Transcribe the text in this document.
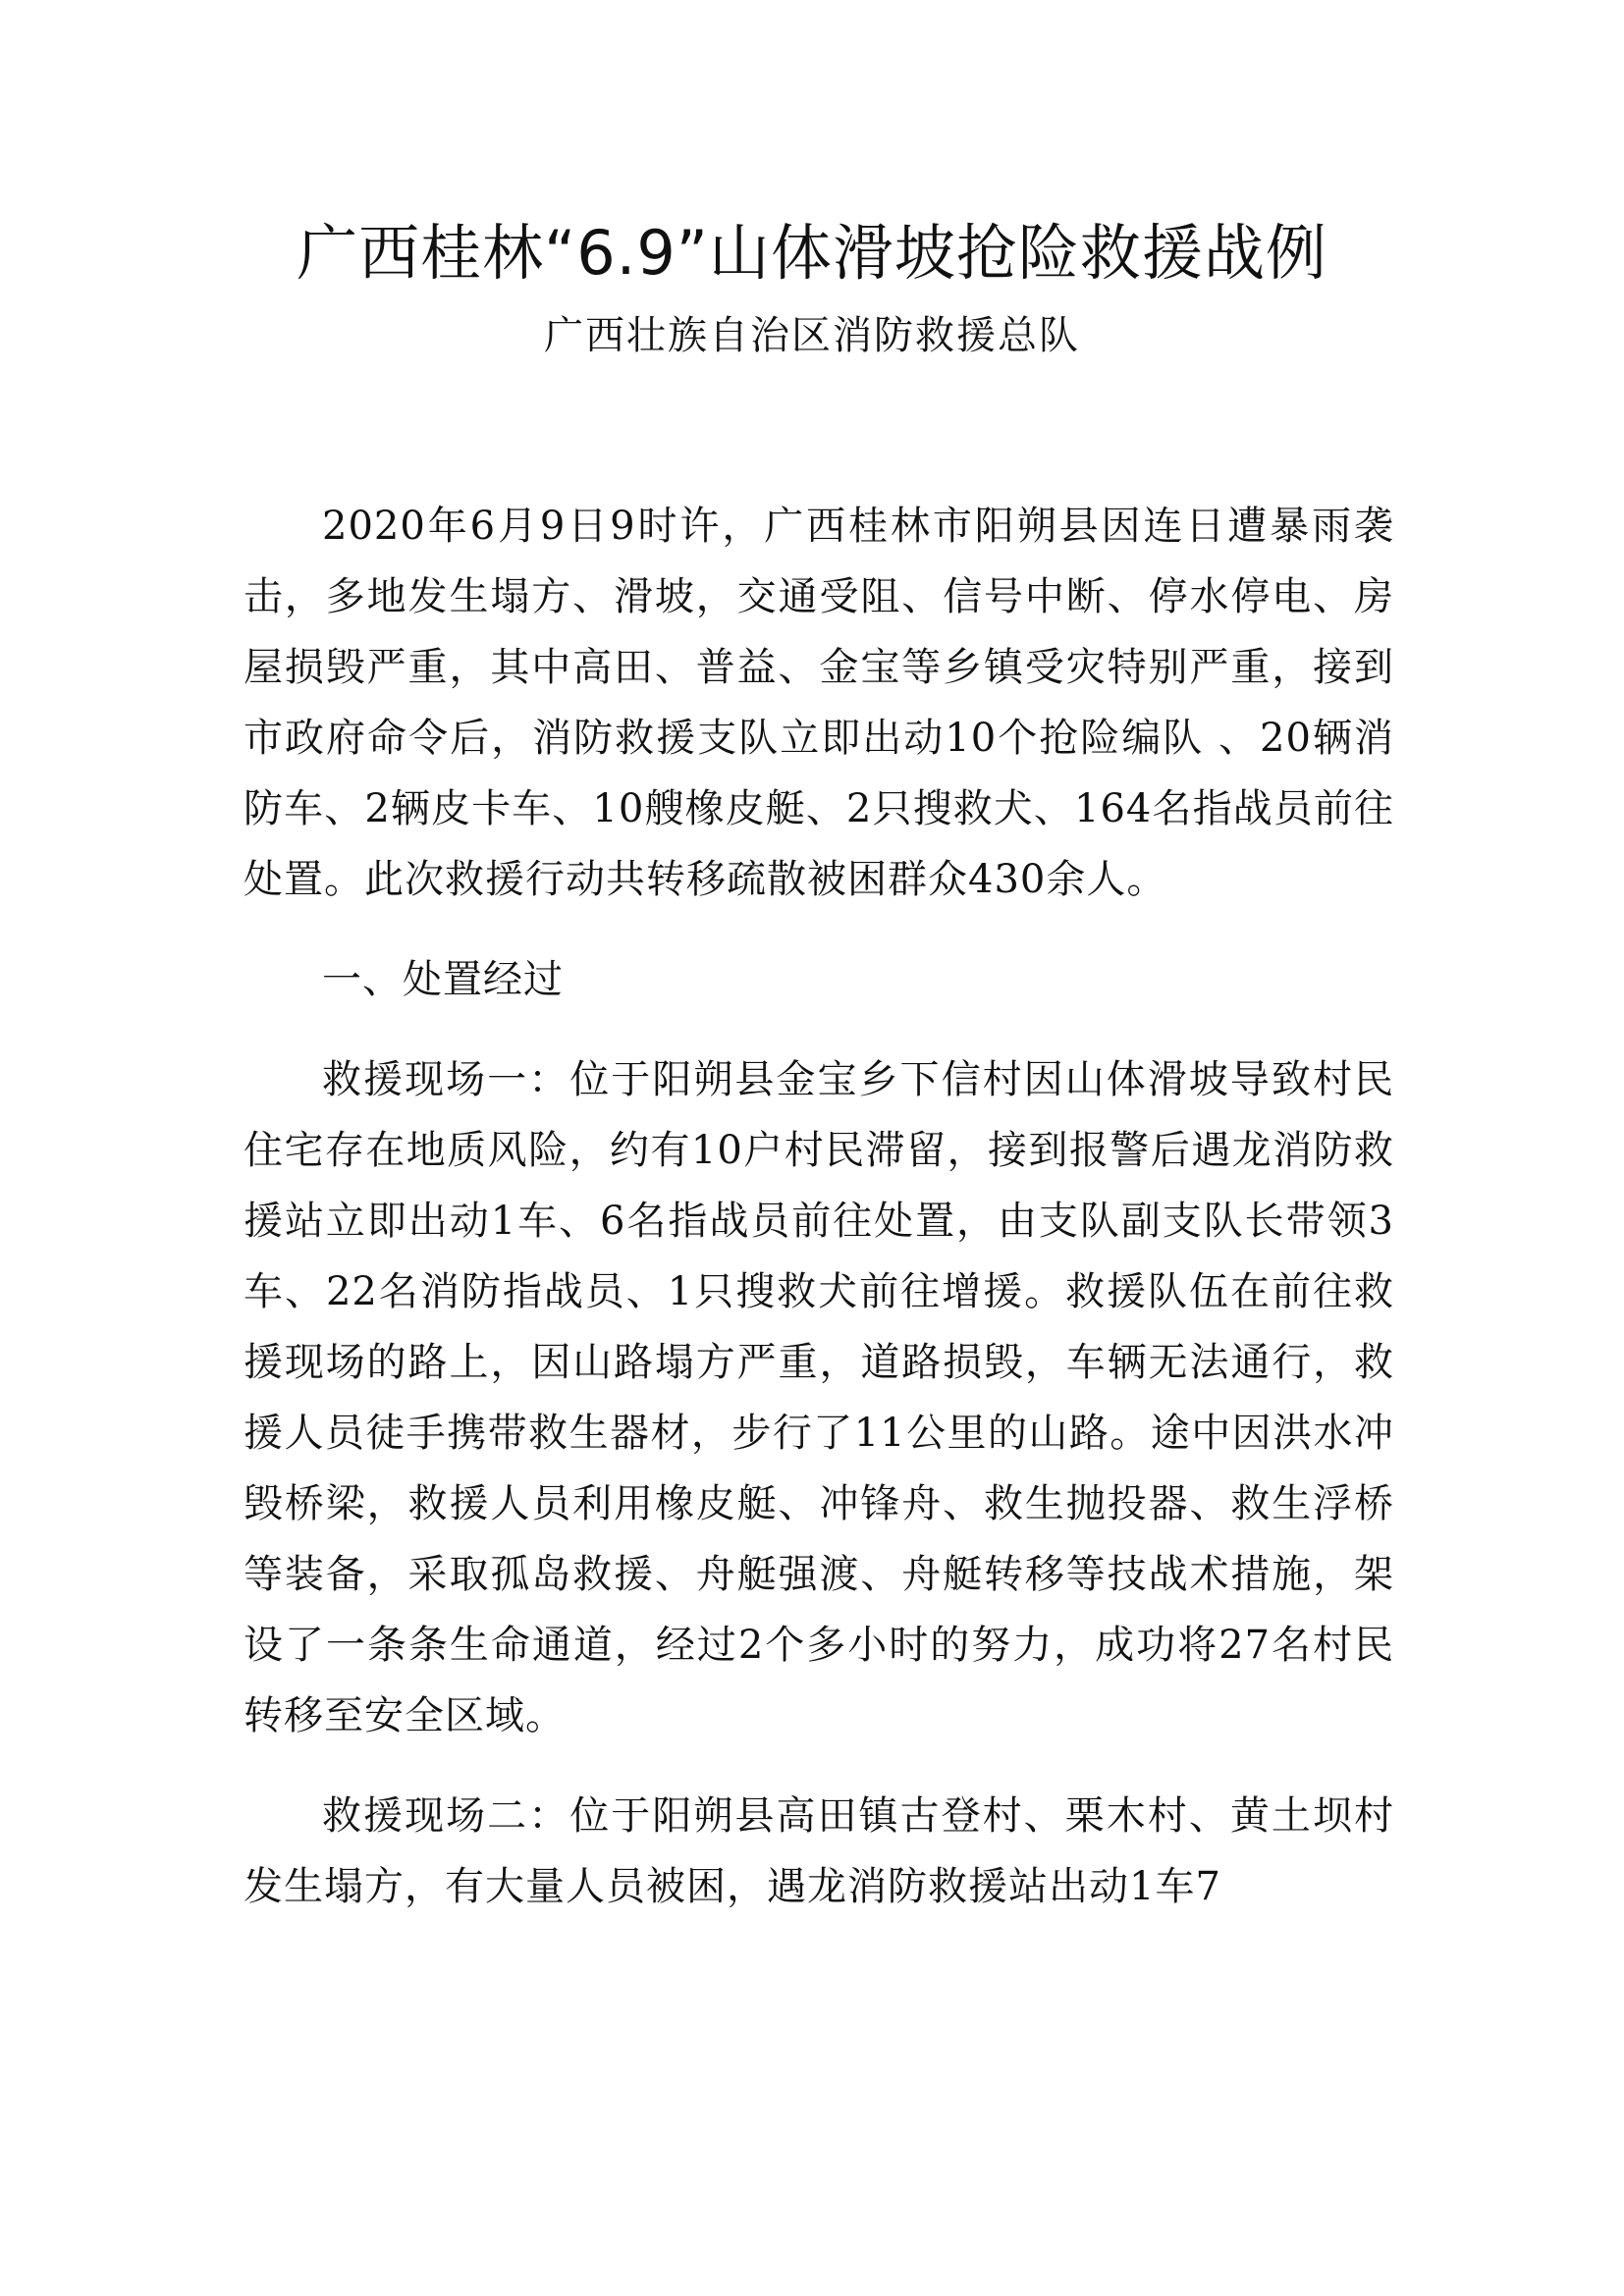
广西桂林“6.9”山体滑坡抢险救援战例
广西壮族自治区消防救援总队

2020年6月9日9时许，广西桂林市阳朔县因连日遭暴雨袭击，多地发生塌方、滑坡，交通受阻、信号中断、停水停电、房屋损毁严重，其中高田、普益、金宝等乡镇受灾特别严重，接到市政府命令后，消防救援支队立即出动10个抢险编队 、20辆消防车、2辆皮卡车、10艘橡皮艇、2只搜救犬、164名指战员前往处置。此次救援行动共转移疏散被困群众430余人。

一、处置经过

救援现场一：位于阳朔县金宝乡下信村因山体滑坡导致村民住宅存在地质风险，约有10户村民滞留，接到报警后遇龙消防救援站立即出动1车、6名指战员前往处置，由支队副支队长带领3车、22名消防指战员、1只搜救犬前往增援。救援队伍在前往救援现场的路上，因山路塌方严重，道路损毁，车辆无法通行，救援人员徒手携带救生器材，步行了11公里的山路。途中因洪水冲毁桥梁，救援人员利用橡皮艇、冲锋舟、救生抛投器、救生浮桥等装备，采取孤岛救援、舟艇强渡、舟艇转移等技战术措施，架设了一条条生命通道，经过2个多小时的努力，成功将27名村民转移至安全区域。

救援现场二：位于阳朔县高田镇古登村、栗木村、黄土坝村发生塌方，有大量人员被困，遇龙消防救援站出动1车7
